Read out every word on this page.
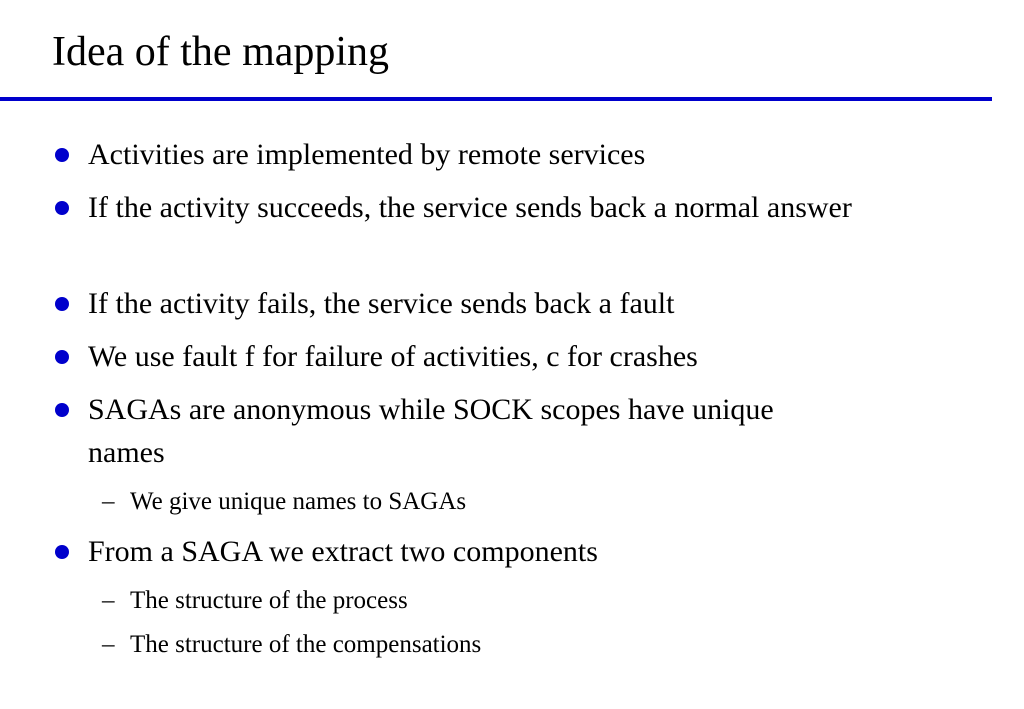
Idea of the mapping
Activities are implemented by remote services
If the activity succeeds, the service sends back a normal answer
If the activity fails, the service sends back a fault
We use fault f for failure of activities, c for crashes
SAGAs are anonymous while SOCK scopes have unique names
– We give unique names to SAGAs
From a SAGA we extract two components
– The structure of the process
– The structure of the compensations
